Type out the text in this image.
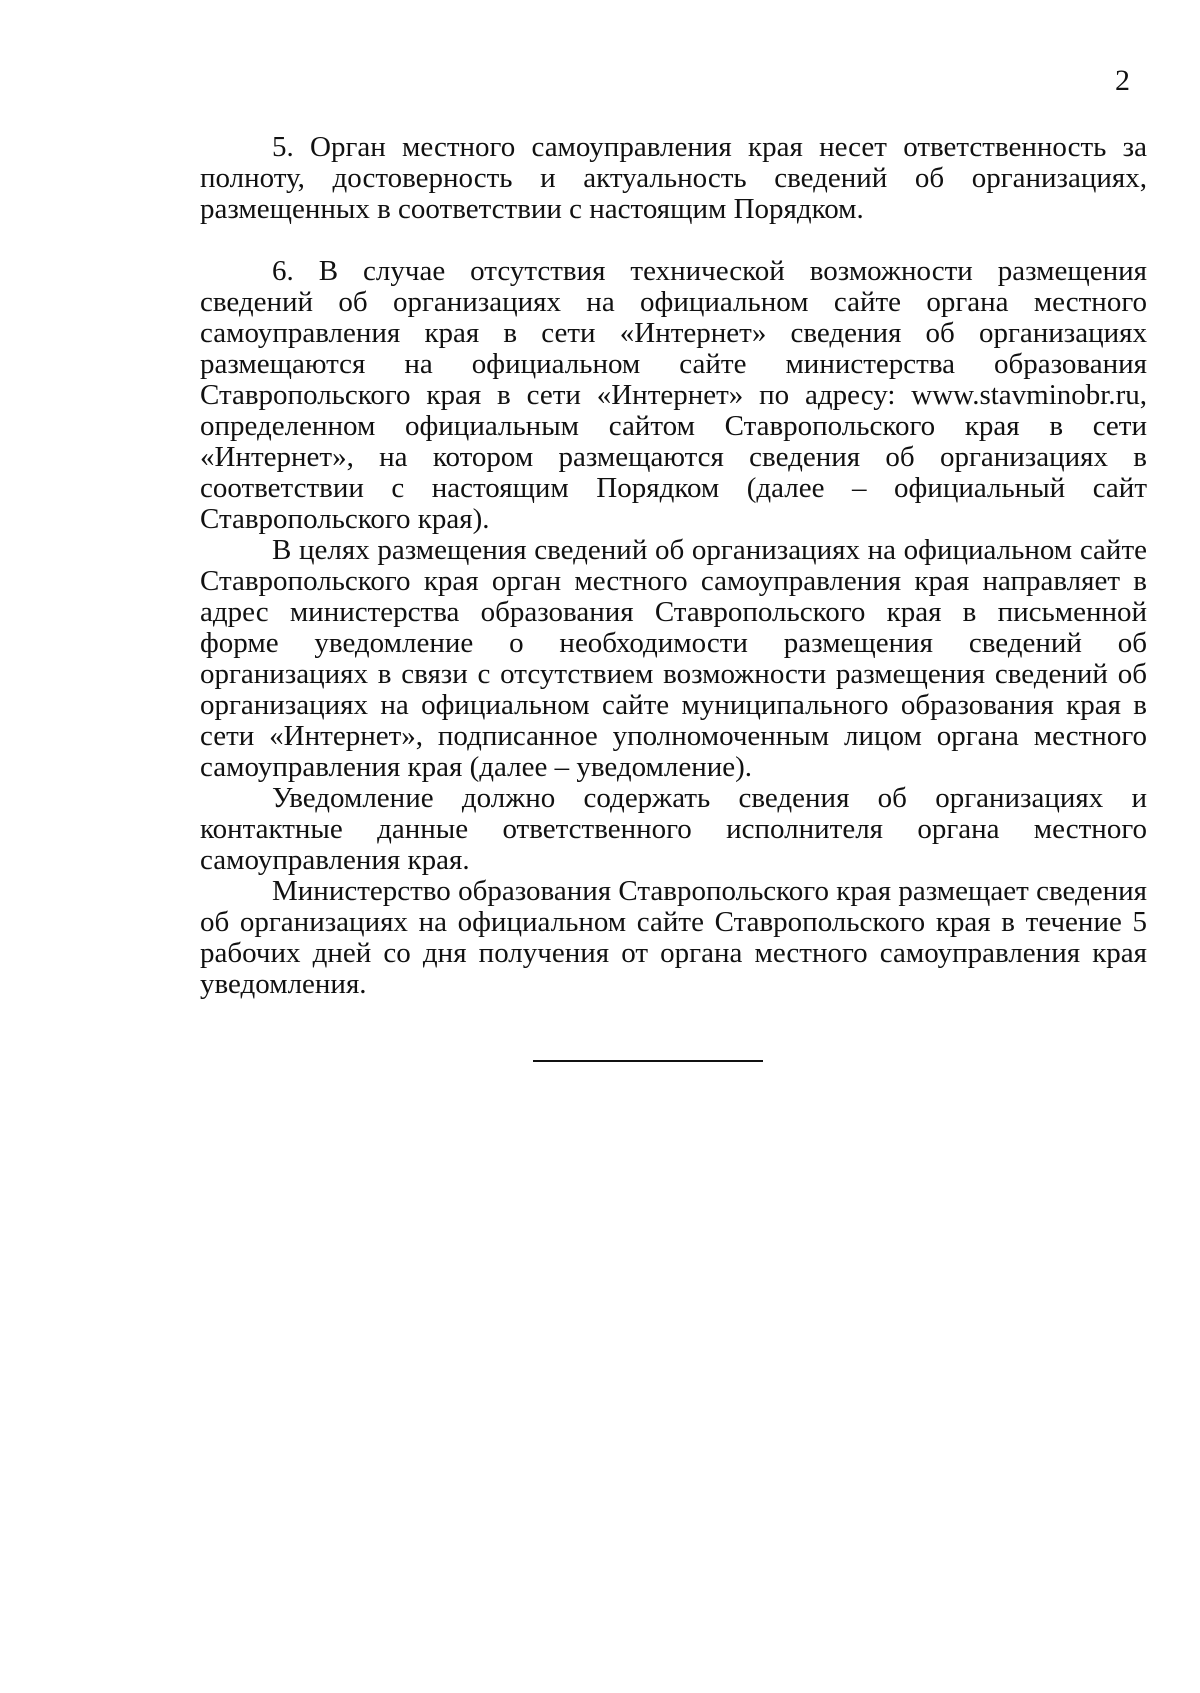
2

5. Орган местного самоуправления края несет ответственность за полноту, достоверность и актуальность сведений об организациях, размещенных в соответствии с настоящим Порядком.

6. В случае отсутствия технической возможности размещения сведений об организациях на официальном сайте органа местного самоуправления края в сети «Интернет» сведения об организациях размещаются на официальном сайте министерства образования Ставропольского края в сети «Интернет» по адресу: www.stavminobr.ru, определенном официальным сайтом Ставропольского края в сети «Интернет», на котором размещаются сведения об организациях в соответствии с настоящим Порядком (далее – официальный сайт Ставропольского края).

В целях размещения сведений об организациях на официальном сайте Ставропольского края орган местного самоуправления края направляет в адрес министерства образования Ставропольского края в письменной форме уведомление о необходимости размещения сведений об организациях в связи с отсутствием возможности размещения сведений об организациях на официальном сайте муниципального образования края в сети «Интернет», подписанное уполномоченным лицом органа местного самоуправления края (далее – уведомление).

Уведомление должно содержать сведения об организациях и контактные данные ответственного исполнителя органа местного самоуправления края.

Министерство образования Ставропольского края размещает сведения об организациях на официальном сайте Ставропольского края в течение 5 рабочих дней со дня получения от органа местного самоуправления края уведомления.
